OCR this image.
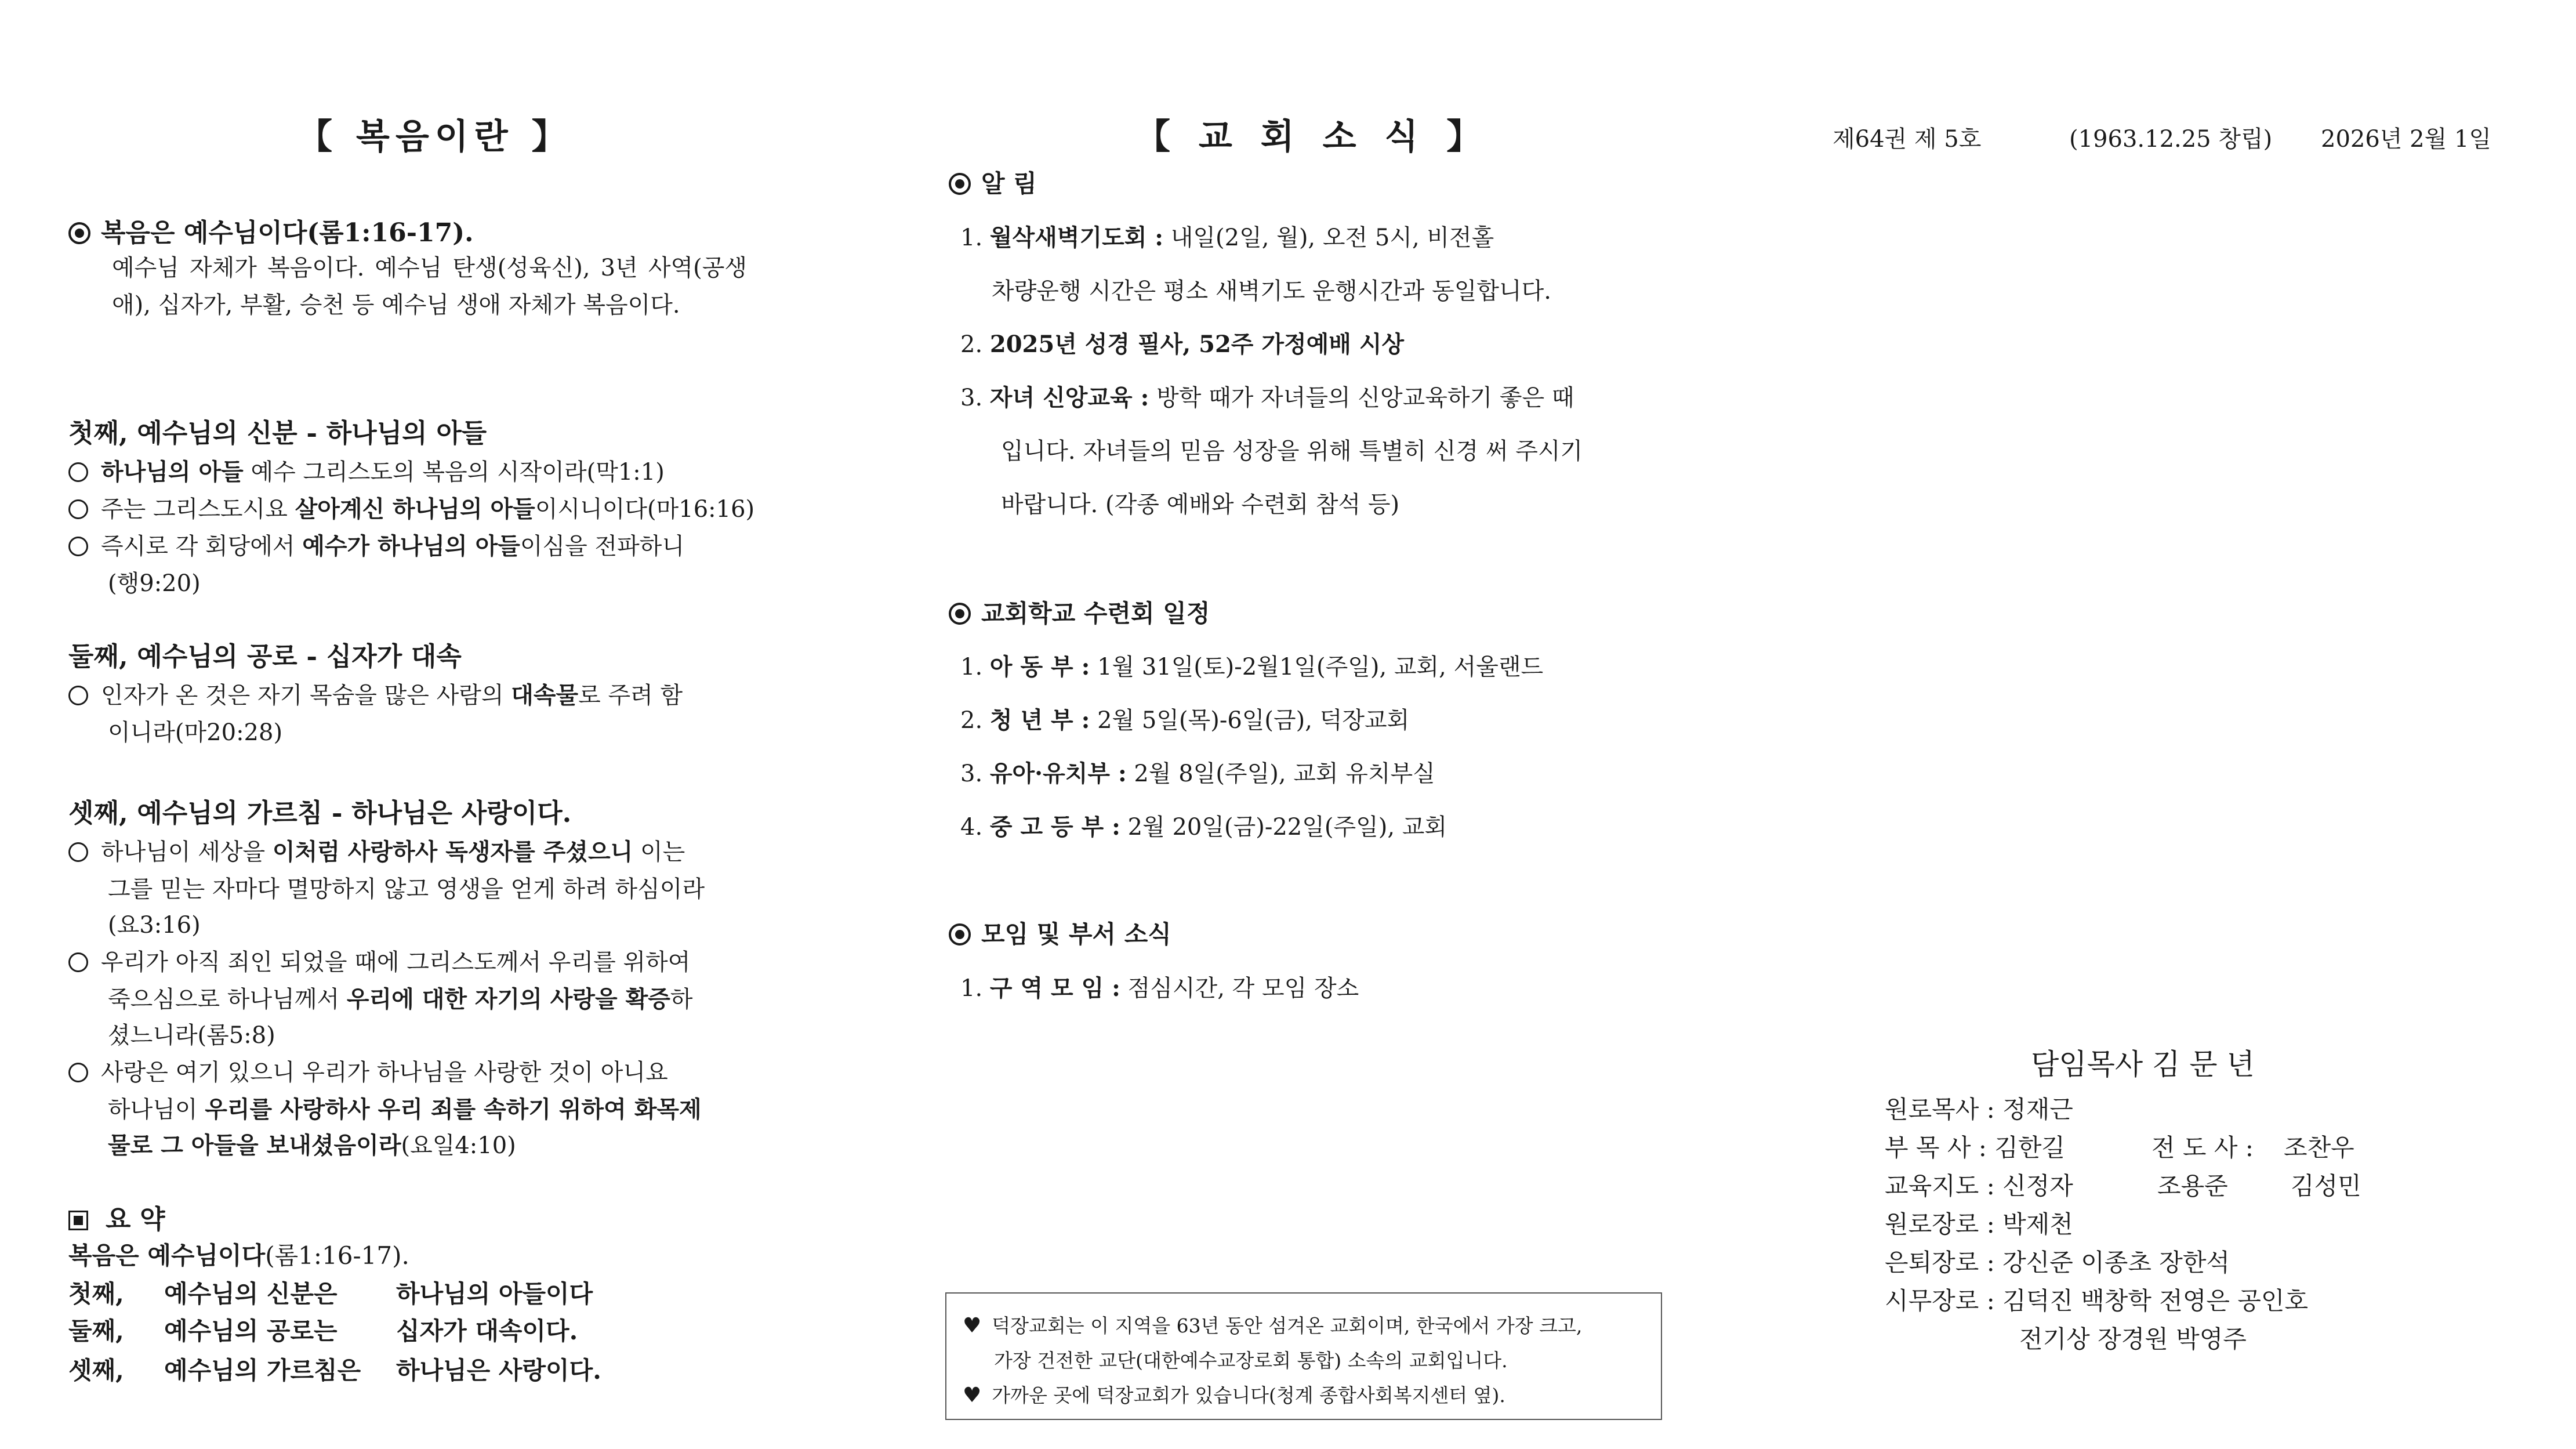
【 복음이란 】
복음은 예수님이다(롬1:16-17).
예수님 자체가 복음이다. 예수님 탄생(성육신), 3년 사역(공생애), 십자가, 부활, 승천 등 예수님 생애 자체가 복음이다.
첫째, 예수님의 신분 - 하나님의 아들
하나님의 아들 예수 그리스도의 복음의 시작이라(막1:1)
주는 그리스도시요 살아계신 하나님의 아들이시니이다(마16:16)
즉시로 각 회당에서 예수가 하나님의 아들이심을 전파하니
(행9:20)
둘째, 예수님의 공로 - 십자가 대속
인자가 온 것은 자기 목숨을 많은 사람의 대속물로 주려 함
이니라(마20:28)
셋째, 예수님의 가르침 - 하나님은 사랑이다.
하나님이 세상을 이처럼 사랑하사 독생자를 주셨으니 이는
그를 믿는 자마다 멸망하지 않고 영생을 얻게 하려 하심이라
(요3:16)
우리가 아직 죄인 되었을 때에 그리스도께서 우리를 위하여
죽으심으로 하나님께서 우리에 대한 자기의 사랑을 확증하
셨느니라(롬5:8)
사랑은 여기 있으니 우리가 하나님을 사랑한 것이 아니요
하나님이 우리를 사랑하사 우리 죄를 속하기 위하여 화목제
물로 그 아들을 보내셨음이라(요일4:10)
요 약
복음은 예수님이다(롬1:16-17).
첫째, 예수님의 신분은 하나님의 아들이다
둘째, 예수님의 공로는 십자가 대속이다.
셋째, 예수님의 가르침은 하나님은 사랑이다.
【 교 회 소 식 】
알 림
1. 월삭새벽기도회 : 내일(2일, 월), 오전 5시, 비전홀
차량운행 시간은 평소 새벽기도 운행시간과 동일합니다.
2. 2025년 성경 필사, 52주 가정예배 시상
3. 자녀 신앙교육 : 방학 때가 자녀들의 신앙교육하기 좋은 때
입니다. 자녀들의 믿음 성장을 위해 특별히 신경 써 주시기
바랍니다. (각종 예배와 수련회 참석 등)
교회학교 수련회 일정
1. 아 동 부 : 1월 31일(토)-2월1일(주일), 교회, 서울랜드
2. 청 년 부 : 2월 5일(목)-6일(금), 덕장교회
3. 유아·유치부 : 2월 8일(주일), 교회 유치부실
4. 중 고 등 부 : 2월 20일(금)-22일(주일), 교회
모임 및 부서 소식
1. 구 역 모 임 : 점심시간, 각 모임 장소
♥ 덕장교회는 이 지역을 63년 동안 섬겨온 교회이며, 한국에서 가장 크고,
가장 건전한 교단(대한예수교장로회 통합) 소속의 교회입니다.
♥ 가까운 곳에 덕장교회가 있습니다(청계 종합사회복지센터 옆).
제64권 제 5호	(1963.12.25 창립) 2026년 2월 1일
담임목사 김 문 년
원로목사 : 정재근
부 목 사 : 김한길	전 도 사 : 조찬우
교육지도 : 신정자	조용준	김성민
원로장로 : 박제천
은퇴장로 : 강신준 이종초 장한석
시무장로 : 김덕진 백창학 전영은 공인호
전기상 장경원 박영주
